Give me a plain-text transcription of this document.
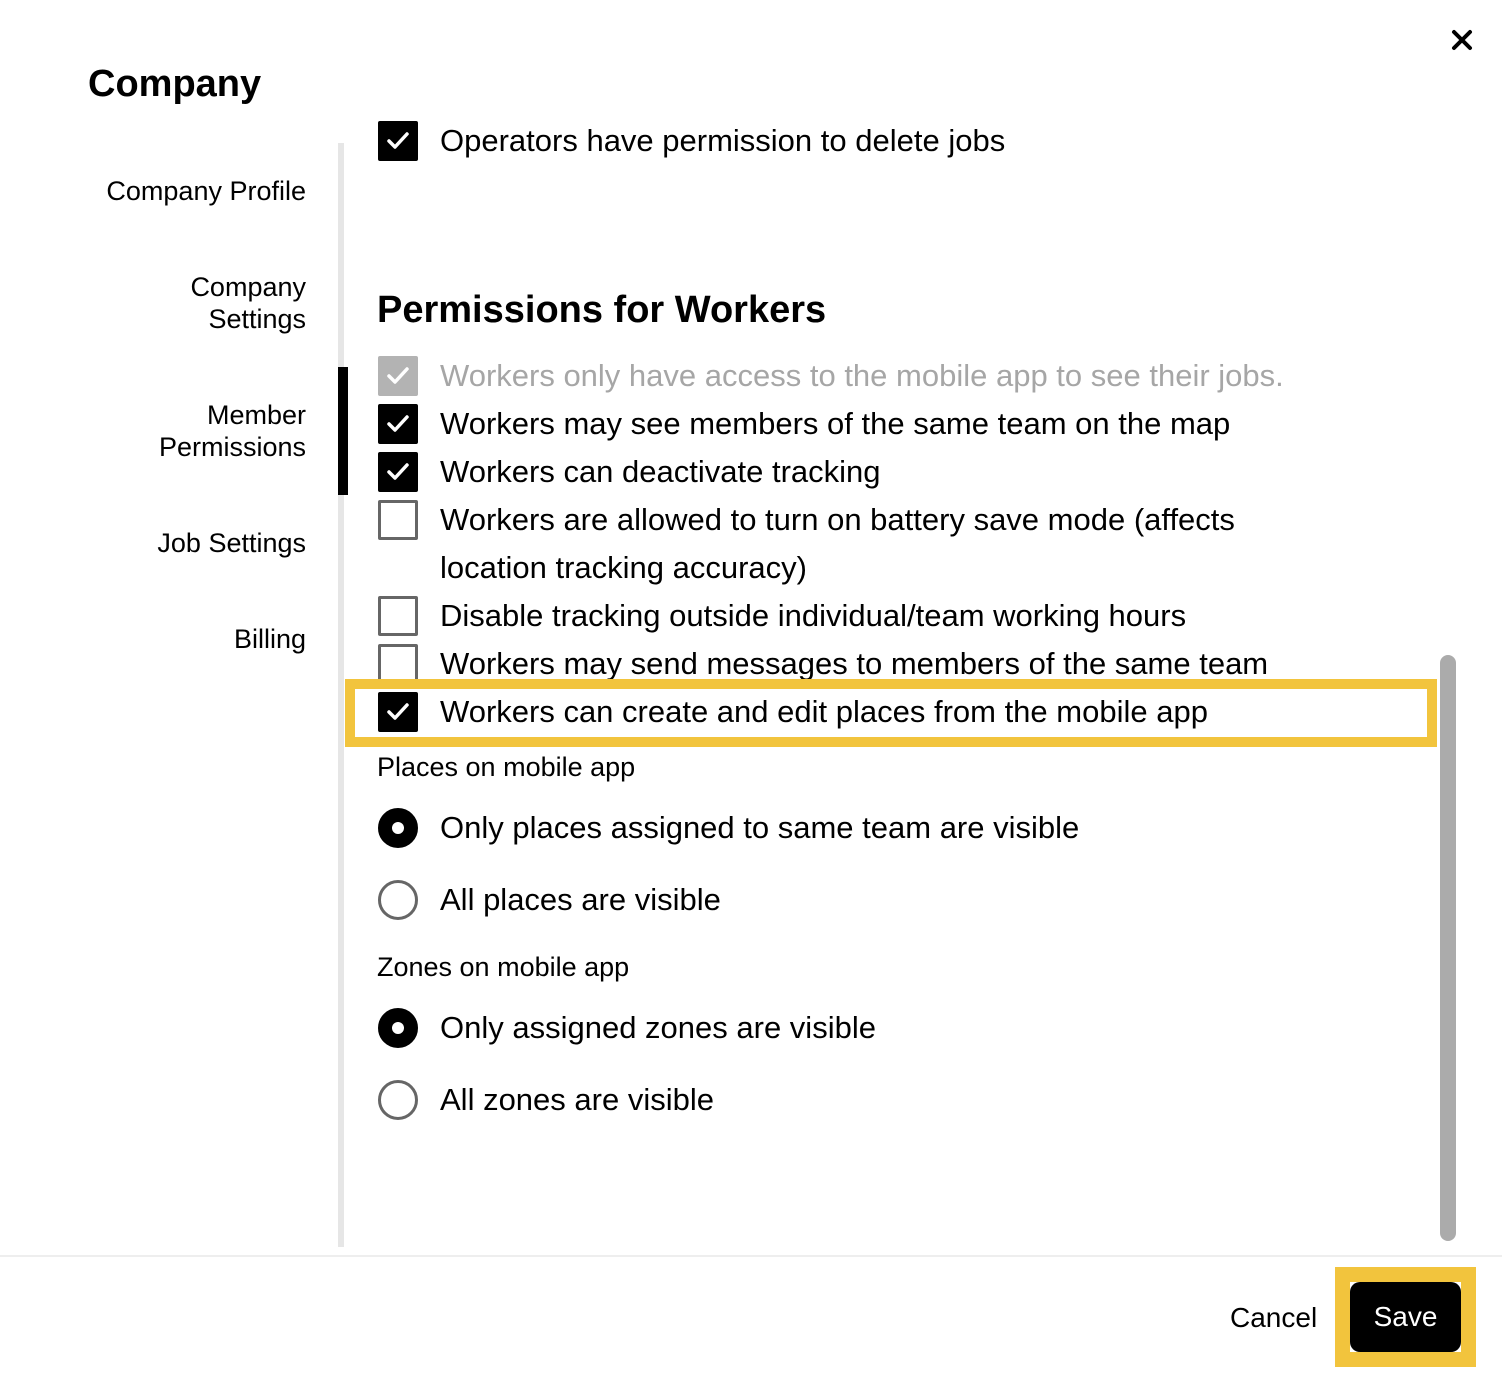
Company
Company Profile
Company
Settings
Member
Permissions
Job Settings
Billing
Operators have permission to delete jobs
Permissions for Workers
Workers only have access to the mobile app to see their jobs.
Workers may see members of the same team on the map
Workers can deactivate tracking
Workers are allowed to turn on battery save mode (affects location tracking accuracy)
Disable tracking outside individual/team working hours
Workers may send messages to members of the same team
Workers can create and edit places from the mobile app
Places on mobile app
Only places assigned to same team are visible
All places are visible
Zones on mobile app
Only assigned zones are visible
All zones are visible
Cancel	Save
